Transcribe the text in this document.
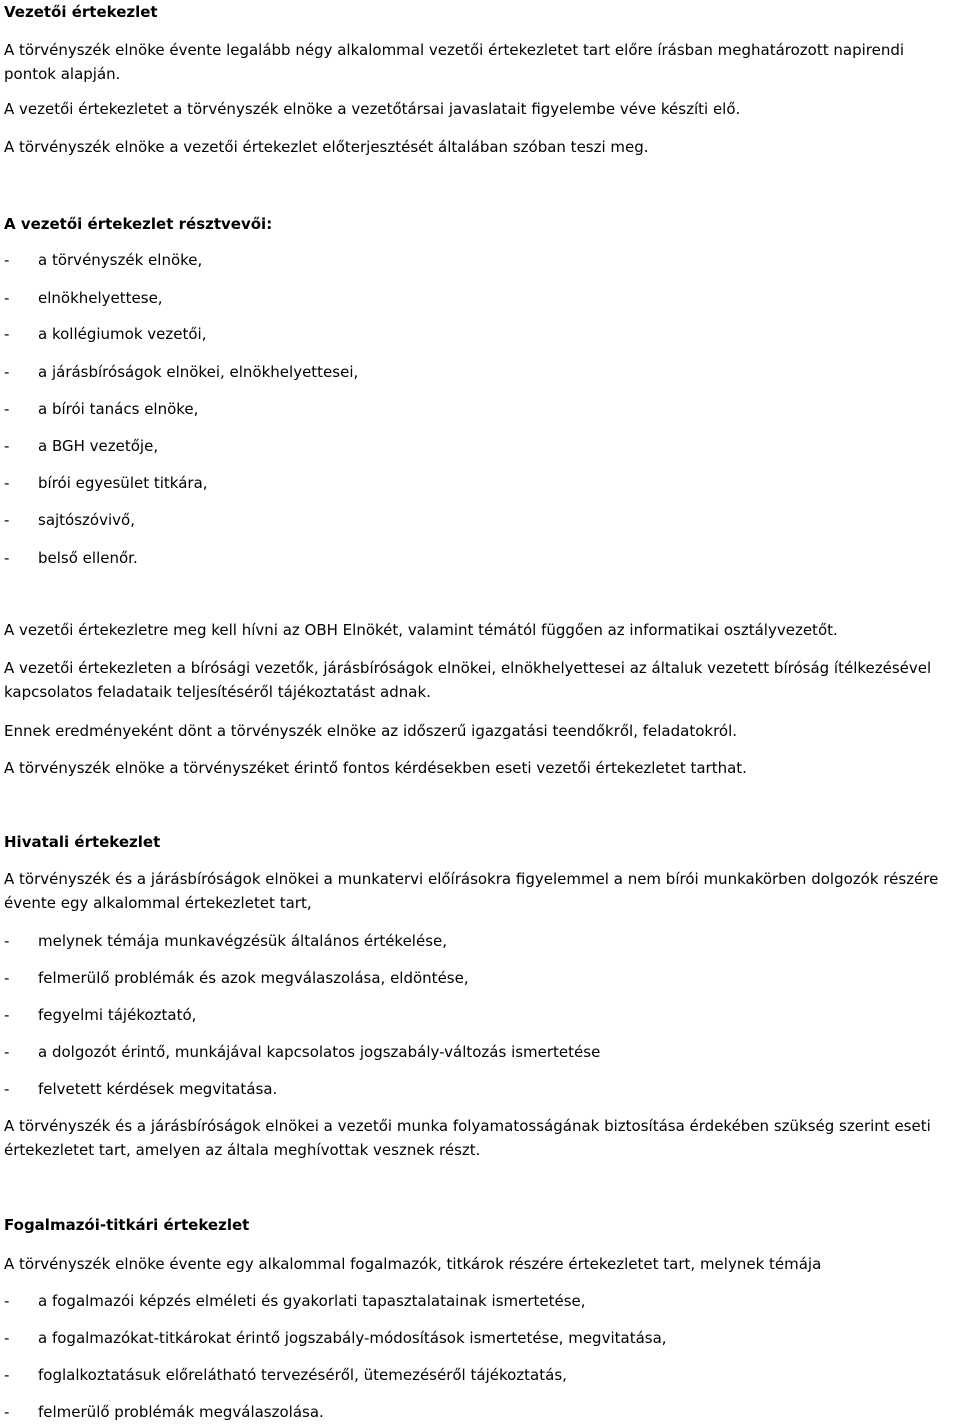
Vezetői értekezlet
A törvényszék elnöke évente legalább négy alkalommal vezetői értekezletet tart előre írásban meghatározott napirendi pontok alapján.
A vezetői értekezletet a törvényszék elnöke a vezetőtársai javaslatait figyelembe véve készíti elő.
A törvényszék elnöke a vezetői értekezlet előterjesztését általában szóban teszi meg.
A vezetői értekezlet résztvevői:
- a törvényszék elnöke,
- elnökhelyettese,
- a kollégiumok vezetői,
- a járásbíróságok elnökei, elnökhelyettesei,
- a bírói tanács elnöke,
- a BGH vezetője,
- bírói egyesület titkára,
- sajtószóvivő,
- belső ellenőr.
A vezetői értekezletre meg kell hívni az OBH Elnökét, valamint témától függően az informatikai osztályvezetőt.
A vezetői értekezleten a bírósági vezetők, járásbíróságok elnökei, elnökhelyettesei az általuk vezetett bíróság ítélkezésével kapcsolatos feladataik teljesítéséről tájékoztatást adnak.
Ennek eredményeként dönt a törvényszék elnöke az időszerű igazgatási teendőkről, feladatokról.
A törvényszék elnöke a törvényszéket érintő fontos kérdésekben eseti vezetői értekezletet tarthat.
Hivatali értekezlet
A törvényszék és a járásbíróságok elnökei a munkatervi előírásokra figyelemmel a nem bírói munkakörben dolgozók részére évente egy alkalommal értekezletet tart,
- melynek témája munkavégzésük általános értékelése,
- felmerülő problémák és azok megválaszolása, eldöntése,
- fegyelmi tájékoztató,
- a dolgozót érintő, munkájával kapcsolatos jogszabály-változás ismertetése
- felvetett kérdések megvitatása.
A törvényszék és a járásbíróságok elnökei a vezetői munka folyamatosságának biztosítása érdekében szükség szerint eseti értekezletet tart, amelyen az általa meghívottak vesznek részt.
Fogalmazói-titkári értekezlet
A törvényszék elnöke évente egy alkalommal fogalmazók, titkárok részére értekezletet tart, melynek témája
- a fogalmazói képzés elméleti és gyakorlati tapasztalatainak ismertetése,
- a fogalmazókat-titkárokat érintő jogszabály-módosítások ismertetése, megvitatása,
- foglalkoztatásuk előrelátható tervezéséről, ütemezéséről tájékoztatás,
- felmerülő problémák megválaszolása.
